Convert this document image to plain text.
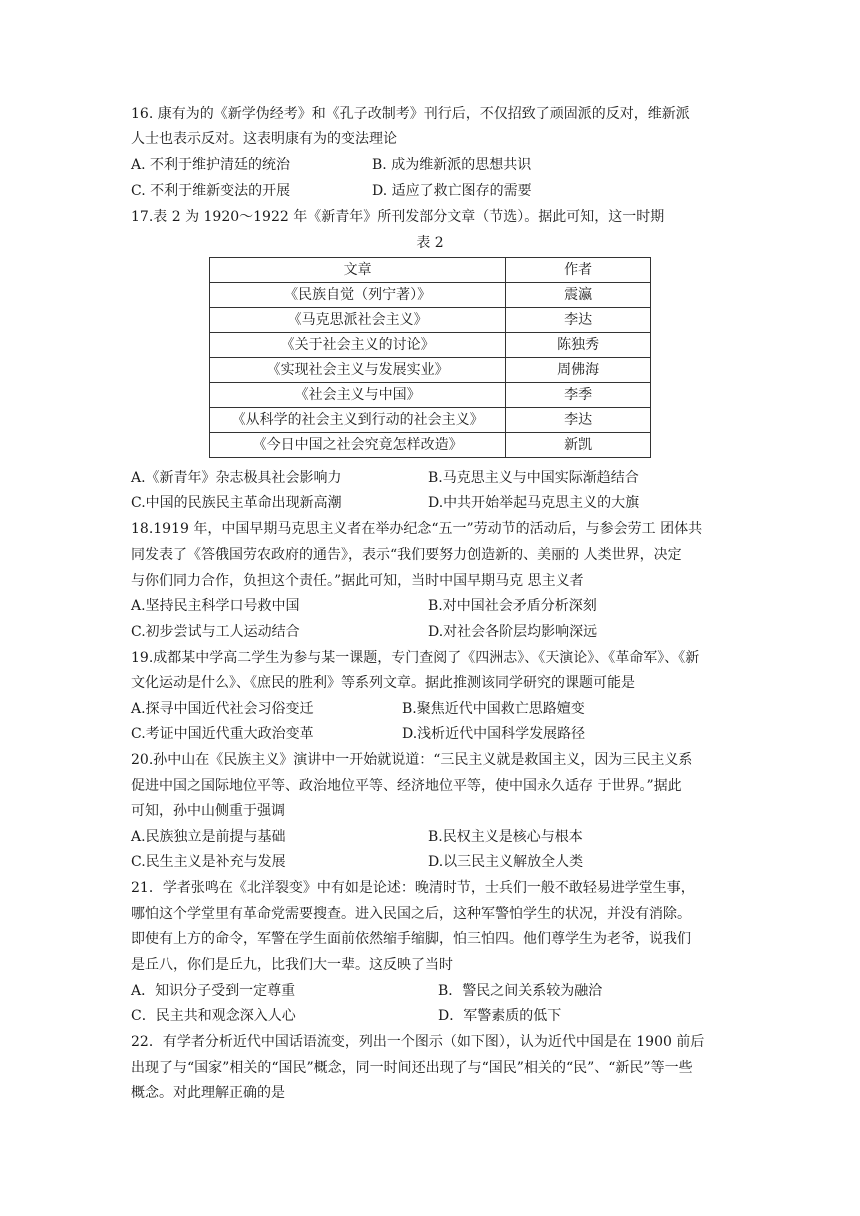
16. 康有为的《新学伪经考》和《孔子改制考》刊行后，不仅招致了顽固派的反对，维新派
人士也表示反对。这表明康有为的变法理论
A. 不利于维护清廷的统治	B. 成为维新派的思想共识
C. 不利于维新变法的开展	D. 适应了救亡图存的需要
17.表 2 为 1920～1922 年《新青年》所刊发部分文章（节选）。据此可知，这一时期
表 2
文章	作者
《民族自觉（列宁著）》	震瀛
《马克思派社会主义》	李达
《关于社会主义的讨论》	陈独秀
《实现社会主义与发展实业》	周佛海
《社会主义与中国》	李季
《从科学的社会主义到行动的社会主义》	李达
《今日中国之社会究竟怎样改造》	新凯
A.《新青年》杂志极具社会影响力	B.马克思主义与中国实际渐趋结合
C.中国的民族民主革命出现新高潮	D.中共开始举起马克思主义的大旗
18.1919 年，中国早期马克思主义者在举办纪念“五一”劳动节的活动后，与参会劳工 团体共
同发表了《答俄国劳农政府的通告》，表示“我们要努力创造新的、美丽的 人类世界，决定
与你们同力合作，负担这个责任。”据此可知，当时中国早期马克 思主义者
A.坚持民主科学口号救中国	B.对中国社会矛盾分析深刻
C.初步尝试与工人运动结合	D.对社会各阶层均影响深远
19.成都某中学高二学生为参与某一课题，专门查阅了《四洲志》、《天演论》、《革命军》、《新
文化运动是什么》、《庶民的胜利》等系列文章。据此推测该同学研究的课题可能是
A.探寻中国近代社会习俗变迁	B.聚焦近代中国救亡思路嬗变
C.考证中国近代重大政治变革	D.浅析近代中国科学发展路径
20.孙中山在《民族主义》演讲中一开始就说道：“三民主义就是救国主义，因为三民主义系
促进中国之国际地位平等、政治地位平等、经济地位平等，使中国永久适存 于世界。”据此
可知，孙中山侧重于强调
A.民族独立是前提与基础	B.民权主义是核心与根本
C.民生主义是补充与发展	D.以三民主义解放全人类
21．学者张鸣在《北洋裂变》中有如是论述：晚清时节，士兵们一般不敢轻易进学堂生事，
哪怕这个学堂里有革命党需要搜查。进入民国之后，这种军警怕学生的状况，并没有消除。
即使有上方的命令，军警在学生面前依然缩手缩脚，怕三怕四。他们尊学生为老爷，说我们
是丘八，你们是丘九，比我们大一辈。这反映了当时
A．知识分子受到一定尊重	B．警民之间关系较为融洽
C．民主共和观念深入人心	D．军警素质的低下
22．有学者分析近代中国话语流变，列出一个图示（如下图），认为近代中国是在 1900 前后
出现了与“国家”相关的“国民”概念，同一时间还出现了与“国民”相关的“民”、“新民”等一些
概念。对此理解正确的是
